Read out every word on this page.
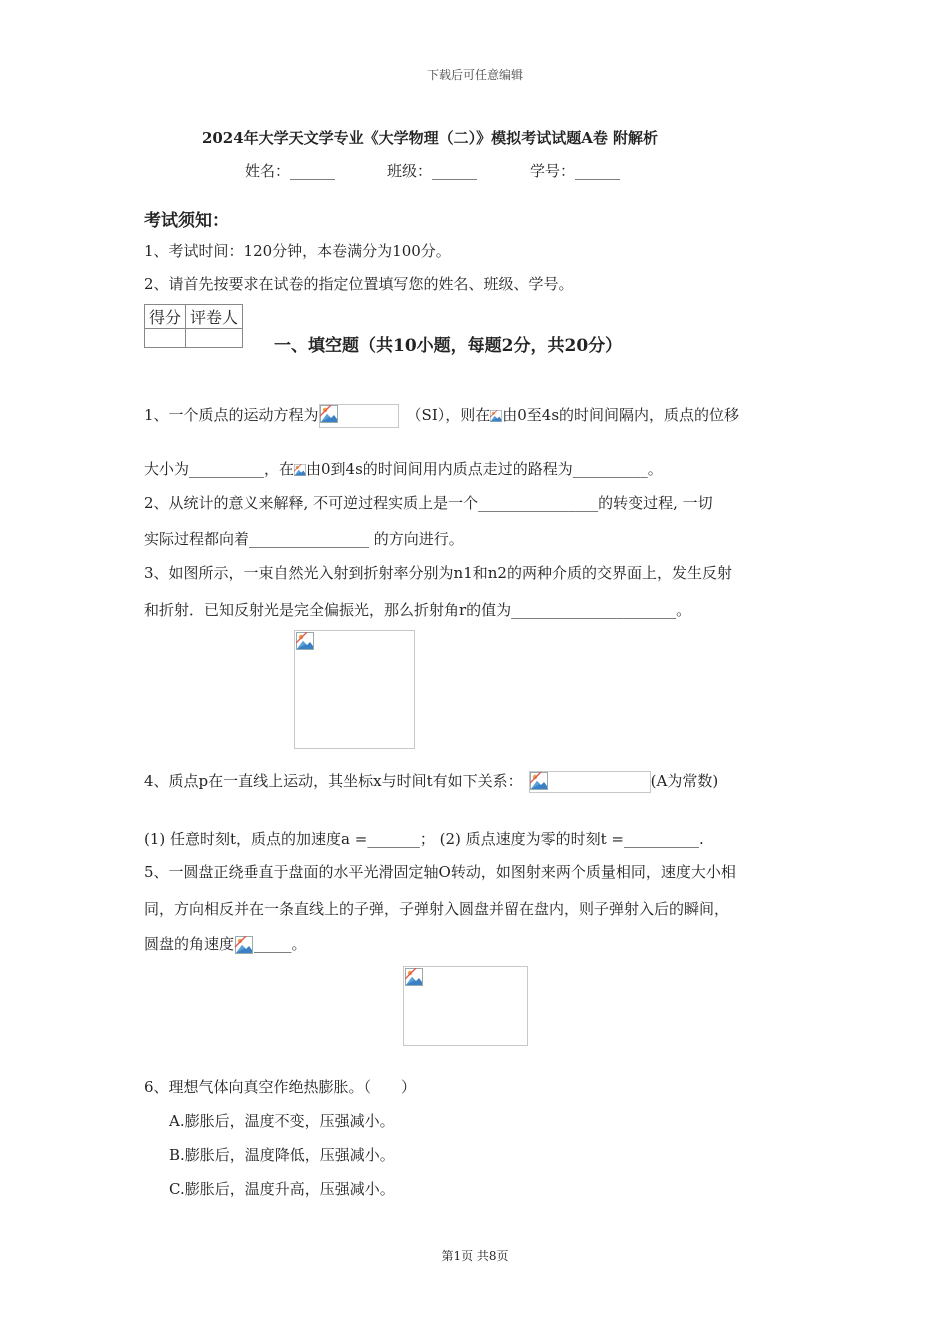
下载后可任意编辑
2024年大学天文学专业《大学物理（二）》模拟考试试题A卷 附解析
姓名：______	班级：______	学号：______
考试须知：
1、考试时间：120分钟，本卷满分为100分。
2、请首先按要求在试卷的指定位置填写您的姓名、班级、学号。
得分	评卷人

一、填空题（共10小题，每题2分，共20分）
1、一个质点的运动方程为	（SI），则在 由0至4s的时间间隔内，质点的位移
大小为__________，在 由0到4s的时间间用内质点走过的路程为__________。
2、从统计的意义来解释, 不可逆过程实质上是一个________________的转变过程, 一切
实际过程都向着________________ 的方向进行。
3、如图所示，一束自然光入射到折射率分别为n1和n2的两种介质的交界面上，发生反射
和折射．已知反射光是完全偏振光，那么折射角r的值为______________________。
4、质点p在一直线上运动，其坐标x与时间t有如下关系：	(A为常数)
(1) 任意时刻t，质点的加速度a =_______； (2) 质点速度为零的时刻t =__________.
5、一圆盘正绕垂直于盘面的水平光滑固定轴O转动，如图射来两个质量相同，速度大小相
同，方向相反并在一条直线上的子弹，子弹射入圆盘并留在盘内，则子弹射入后的瞬间，
圆盘的角速度 _____。
6、理想气体向真空作绝热膨胀。（　　）
A.膨胀后，温度不变，压强减小。
B.膨胀后，温度降低，压强减小。
C.膨胀后，温度升高，压强减小。
第1页 共8页
